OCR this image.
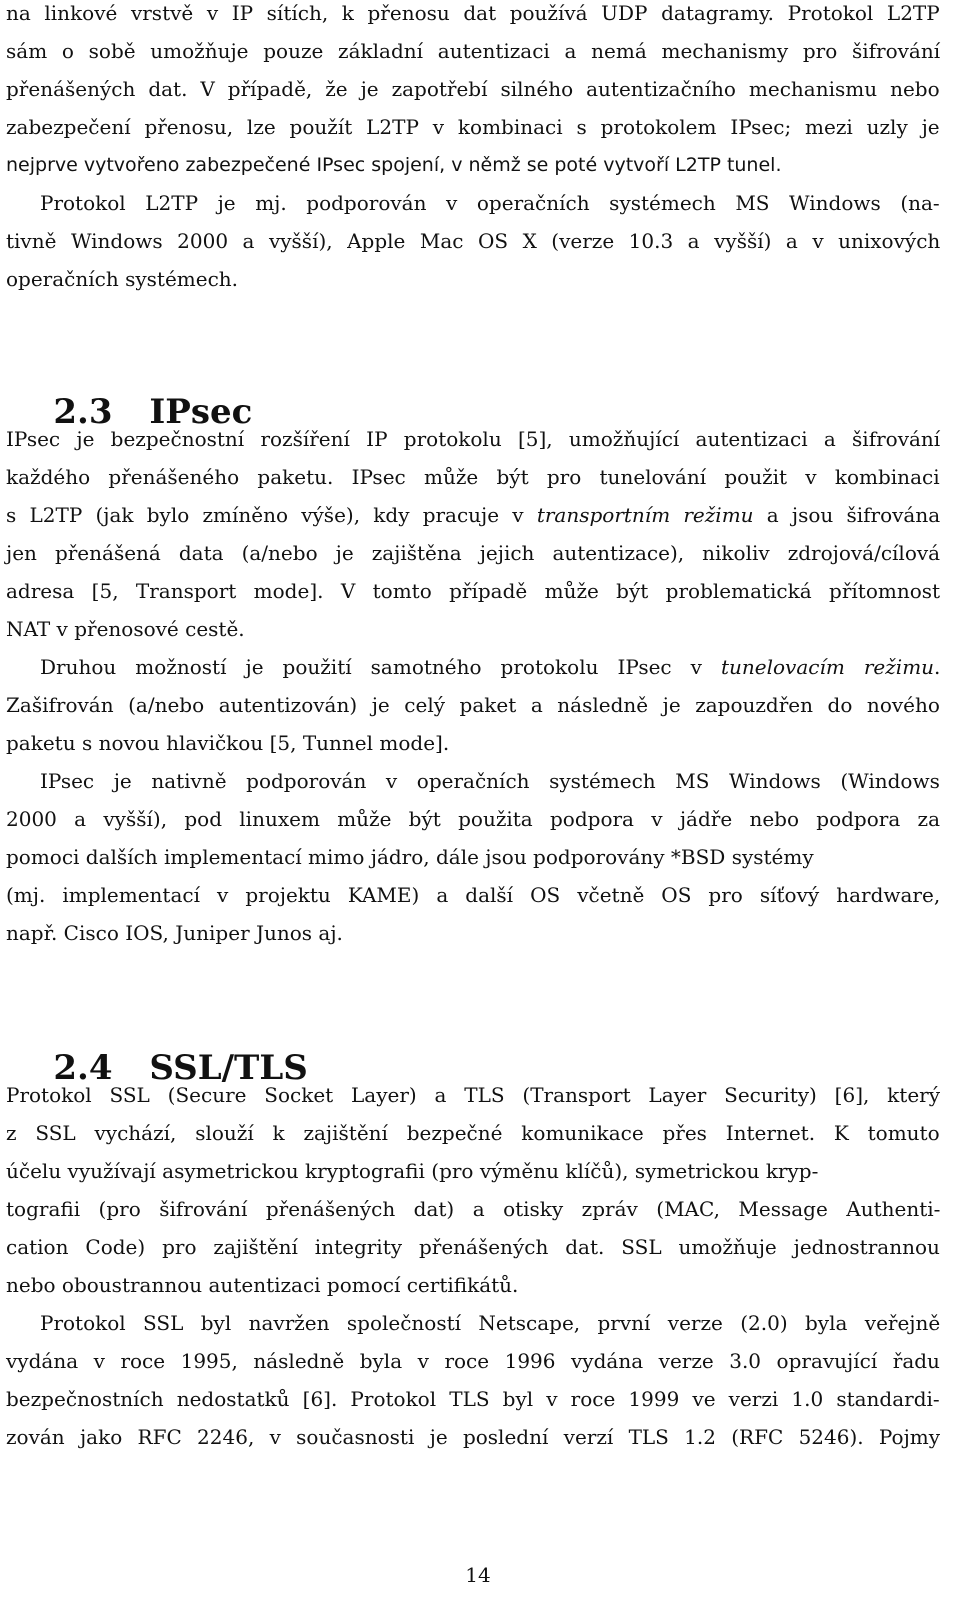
na linkové vrstvě v IP sítích, k přenosu dat používá UDP datagramy. Protokol L2TP
sám o sobě umožňuje pouze základní autentizaci a nemá mechanismy pro šifrování
přenášených dat. V případě, že je zapotřebí silného autentizačního mechanismu nebo
zabezpečení přenosu, lze použít L2TP v kombinaci s protokolem IPsec; mezi uzly je
nejprve vytvořeno zabezpečené IPsec spojení, v němž se poté vytvoří L2TP tunel.
Protokol L2TP je mj. podporován v operačních systémech MS Windows (na-
tivně Windows 2000 a vyšší), Apple Mac OS X (verze 10.3 a vyšší) a v unixových
operačních systémech.

2.3 IPsec

IPsec je bezpečnostní rozšíření IP protokolu [5], umožňující autentizaci a šifrování
každého přenášeného paketu. IPsec může být pro tunelování použit v kombinaci
s L2TP (jak bylo zmíněno výše), kdy pracuje v transportním režimu a jsou šifrována
jen přenášená data (a/nebo je zajištěna jejich autentizace), nikoliv zdrojová/cílová
adresa [5, Transport mode]. V tomto případě může být problematická přítomnost
NAT v přenosové cestě.
Druhou možností je použití samotného protokolu IPsec v tunelovacím režimu.
Zašifrován (a/nebo autentizován) je celý paket a následně je zapouzdřen do nového
paketu s novou hlavičkou [5, Tunnel mode].
IPsec je nativně podporován v operačních systémech MS Windows (Windows
2000 a vyšší), pod linuxem může být použita podpora v jádře nebo podpora za
pomoci dalších implementací mimo jádro, dále jsou podporovány *BSD systémy
(mj. implementací v projektu KAME) a další OS včetně OS pro síťový hardware,
např. Cisco IOS, Juniper Junos aj.

2.4 SSL/TLS

Protokol SSL (Secure Socket Layer) a TLS (Transport Layer Security) [6], který
z SSL vychází, slouží k zajištění bezpečné komunikace přes Internet. K tomuto
účelu využívají asymetrickou kryptografii (pro výměnu klíčů), symetrickou kryp-
tografii (pro šifrování přenášených dat) a otisky zpráv (MAC, Message Authenti-
cation Code) pro zajištění integrity přenášených dat. SSL umožňuje jednostrannou
nebo oboustrannou autentizaci pomocí certifikátů.
Protokol SSL byl navržen společností Netscape, první verze (2.0) byla veřejně
vydána v roce 1995, následně byla v roce 1996 vydána verze 3.0 opravující řadu
bezpečnostních nedostatků [6]. Protokol TLS byl v roce 1999 ve verzi 1.0 standardi-
zován jako RFC 2246, v současnosti je poslední verzí TLS 1.2 (RFC 5246). Pojmy
14
